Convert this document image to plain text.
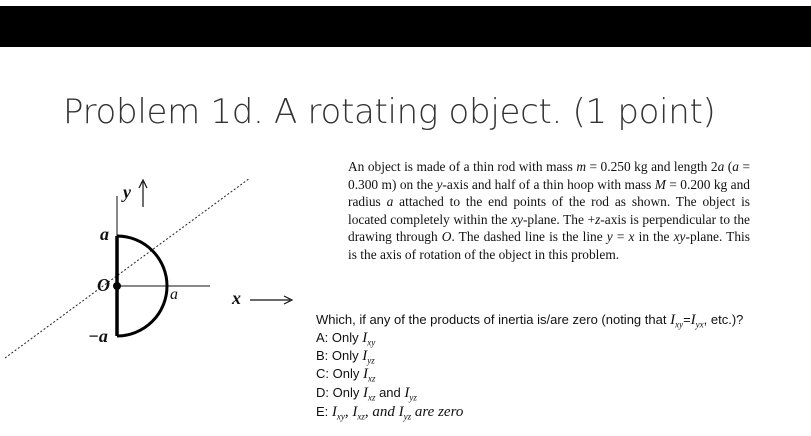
Problem 1d. A rotating object. (1 point)
y
a
O	a
−a
x
An object is made of a thin rod with mass m = 0.250 kg and length 2a (a = 0.300 m) on the y-axis and half of a thin hoop with mass M = 0.200 kg and radius a attached to the end points of the rod as shown. The object is located completely within the xy-plane. The +z-axis is perpendicular to the drawing through O. The dashed line is the line y = x in the xy-plane. This is the axis of rotation of the object in this problem.
Which, if any of the products of inertia is/are zero (noting that $I_{xy}=I_{yx}$, etc.)?
A: Only $I_{xy}$
B: Only $I_{yz}$
C: Only $I_{xz}$
D: Only $I_{xz}$ and $I_{yz}$
E: $I_{xy}$, $I_{xz}$, and $I_{yz}$ are zero
